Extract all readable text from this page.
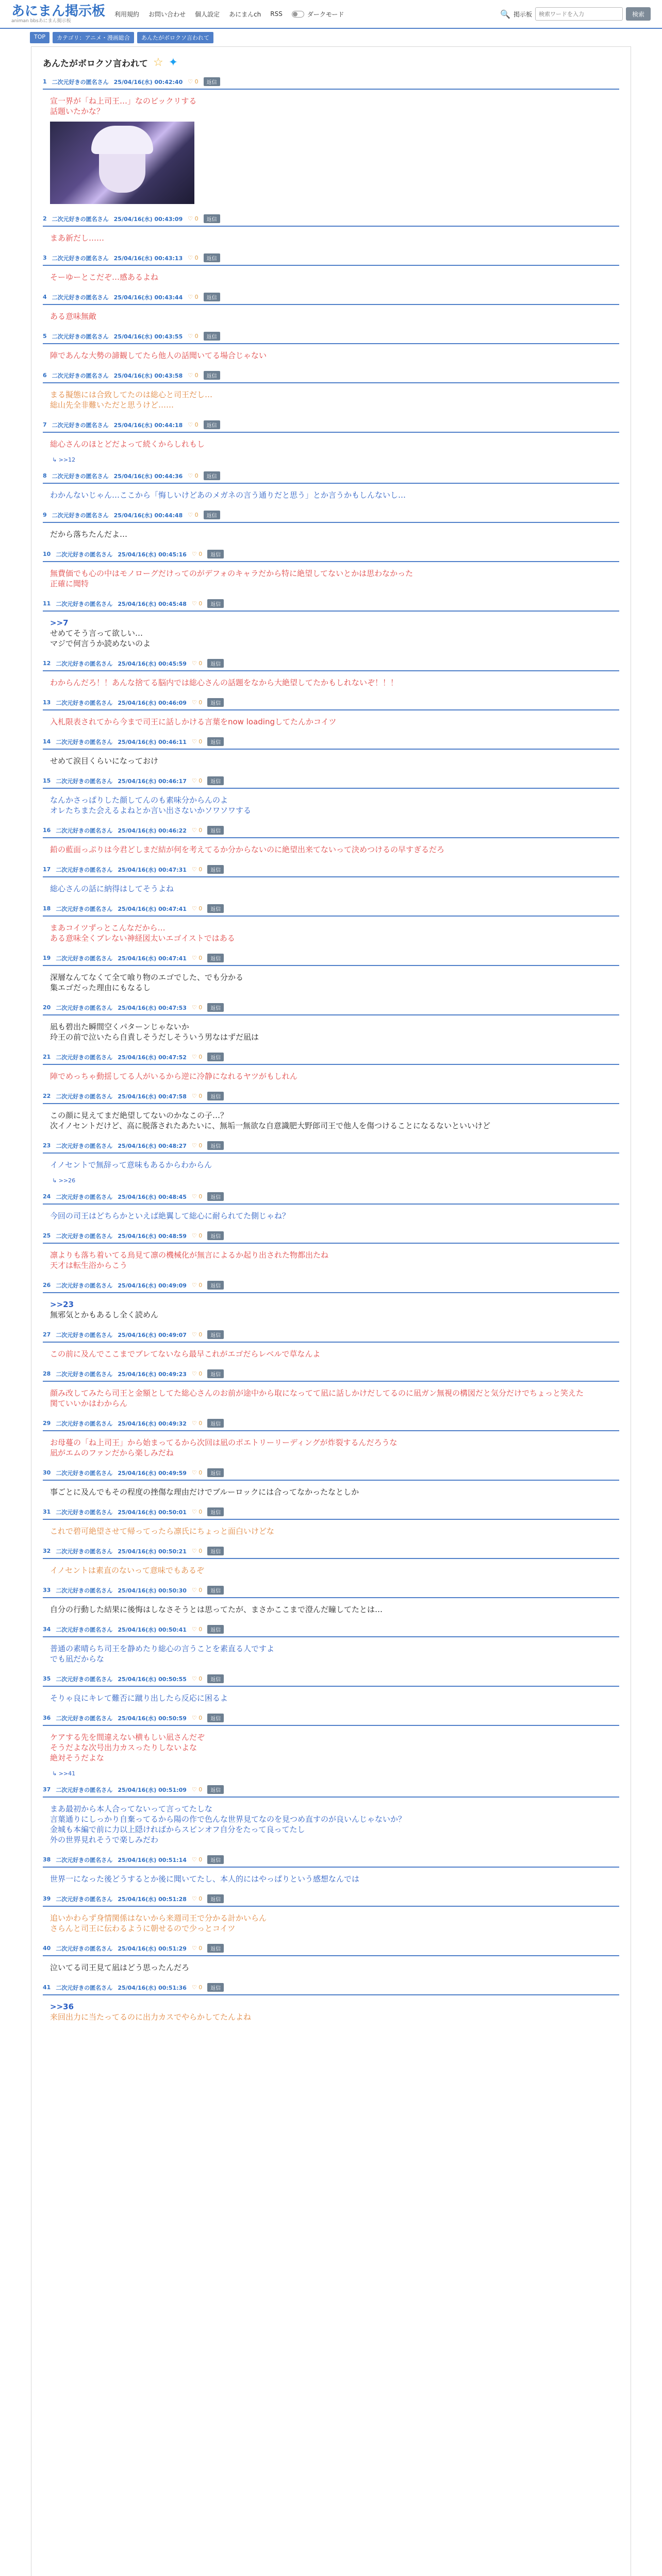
あにまん掲示板
animan bbsあにまん掲示板
利用規約 お問い合わせ 個人設定 あにまんch RSS	ダークモード	🔍 掲示板
検索ワードを入力	検索
TOP	カテゴリ：アニメ・漫画総合	あんたがボロクソ言われて
あんたがボロクソ言われて ☆ ✦
1 二次元好きの匿名さん 25/04/16(水) 00:42:40 ♡ 0	返信

宣一界が「ね上司王…」なのビックリする

話題いたかな？

2 二次元好きの匿名さん 25/04/16(水) 00:43:09 ♡ 0	返信

まあ新だし……

3 二次元好きの匿名さん 25/04/16(水) 00:43:13 ♡ 0	返信

そーゆーとこだぞ…感あるよね

4 二次元好きの匿名さん 25/04/16(水) 00:43:44 ♡ 0	返信

ある意味無敵

5 二次元好きの匿名さん 25/04/16(水) 00:43:55 ♡ 0	返信

陣であんな大勢の諦観してたら他人の話聞いてる場合じゃない

6 二次元好きの匿名さん 25/04/16(水) 00:43:58 ♡ 0	返信

まる擬態には合致してたのは総心と司王だし…

総山先全非難いただと思うけど……

7 二次元好きの匿名さん 25/04/16(水) 00:44:18 ♡ 0	返信

総心さんのほとどだよって続くからしれもし

↳ >>12
8 二次元好きの匿名さん 25/04/16(水) 00:44:36 ♡ 0	返信

わかんないじゃん…ここから「悔しいけどあのメガネの言う通りだと思う」とか言うかもしんないし…

9 二次元好きの匿名さん 25/04/16(水) 00:44:48 ♡ 0	返信

だから落ちたんだよ…

10 二次元好きの匿名さん 25/04/16(水) 00:45:16 ♡ 0	返信

無費価でも心の中はモノローグだけってのがデフォのキャラだから特に絶望してないとかは思わなかった

正確に聞特

11 二次元好きの匿名さん 25/04/16(水) 00:45:48 ♡ 0	返信

>>7

せめてそう言って欲しい…

マジで何言うか読めないのよ

12 二次元好きの匿名さん 25/04/16(水) 00:45:59 ♡ 0	返信

わからんだろ！！あんな捨てる脳内では総心さんの話題をなから大絶望してたかもしれないぞ！！！

13 二次元好きの匿名さん 25/04/16(水) 00:46:09 ♡ 0	返信

入札限表されてから今まで司王に話しかける言葉をnow loadingしてたんかコイツ

14 二次元好きの匿名さん 25/04/16(水) 00:46:11 ♡ 0	返信

せめて涙目くらいになっておけ

15 二次元好きの匿名さん 25/04/16(水) 00:46:17 ♡ 0	返信

なんかさっぱりした顔してんのも素味分からんのよ

オレたちまた会えるよねとか言い出さないかソワソワする

16 二次元好きの匿名さん 25/04/16(水) 00:46:22 ♡ 0	返信

鉛の藍面っぷりは今君どしまだ結が何を考えてるか分からないのに絶望出来てないって決めつけるの早すぎるだろ

17 二次元好きの匿名さん 25/04/16(水) 00:47:31 ♡ 0	返信

総心さんの話に納得はしてそうよね

18 二次元好きの匿名さん 25/04/16(水) 00:47:41 ♡ 0	返信

まあコイツずっとこんなだから…

ある意味全くブレない神経図太いエゴイストではある

19 二次元好きの匿名さん 25/04/16(水) 00:47:41 ♡ 0	返信

深層なんてなくて全て喰り物のエゴでした、でも分かる

集エゴだった理由にもなるし

20 二次元好きの匿名さん 25/04/16(水) 00:47:53 ♡ 0	返信

凪も碧出た瞬間空くパターンじゃないか

玲王の前で泣いたら自責しそうだしそういう男なはずだ凪は

21 二次元好きの匿名さん 25/04/16(水) 00:47:52 ♡ 0	返信

陣でめっちゃ動揺してる人がいるから逆に冷静になれるヤツがもしれん

22 二次元好きの匿名さん 25/04/16(水) 00:47:58 ♡ 0	返信

この顔に見えてまだ絶望してないのかなこの子…？

次イノセントだけど、高に脱落されたあたいに、無垢一無欲な自意識肥大野郎司王で他人を傷つけることになるないといいけど

23 二次元好きの匿名さん 25/04/16(水) 00:48:27 ♡ 0	返信

イノセントで無辞って意味もあるからわからん

↳ >>26
24 二次元好きの匿名さん 25/04/16(水) 00:48:45 ♡ 0	返信

今回の司王はどちらかといえば絶翼して総心に耐られてた側じゃね？

25 二次元好きの匿名さん 25/04/16(水) 00:48:59 ♡ 0	返信

凛よりも落ち着いてる鳥見て凛の機械化が無言によるか起り出された物都出たね

天才は転生浴からこう

26 二次元好きの匿名さん 25/04/16(水) 00:49:09 ♡ 0	返信

>>23

無邪気とかもあるし全く読めん

27 二次元好きの匿名さん 25/04/16(水) 00:49:07 ♡ 0	返信

この前に及んでここまでブレてないなら最早これがエゴだらレベルで草なんよ

28 二次元好きの匿名さん 25/04/16(水) 00:49:23 ♡ 0	返信

顔み改してみたら司王と金額としてた総心さんのお前が途中から取になってて凪に話しかけだしてるのに凪ガン無視の構図だと気分だけでちょっと笑えた

関ていいかはわからん

29 二次元好きの匿名さん 25/04/16(水) 00:49:32 ♡ 0	返信

お母蔓の「ね上司王」から始まってるから次回は凪のポエトリーリーディングが炸裂するんだろうな

凪がエムのファンだから楽しみだね

30 二次元好きの匿名さん 25/04/16(水) 00:49:59 ♡ 0	返信

事ごとに及んでもその程度の挫傷な理由だけでブルーロックには合ってなかったなとしか

31 二次元好きの匿名さん 25/04/16(水) 00:50:01 ♡ 0	返信

これで碧可絶望させて帰ってったら凛氏にちょっと面白いけどな

32 二次元好きの匿名さん 25/04/16(水) 00:50:21 ♡ 0	返信

イノセントは素直のないって意味でもあるぞ

33 二次元好きの匿名さん 25/04/16(水) 00:50:30 ♡ 0	返信

自分の行動した結果に後悔はしなさそうとは思ってたが、まさかここまで澄んだ瞳してたとは…

34 二次元好きの匿名さん 25/04/16(水) 00:50:41 ♡ 0	返信

普通の素晴らち司王を静めたり総心の言うことを素直る人ですよ

でも凪だからな

35 二次元好きの匿名さん 25/04/16(水) 00:50:55 ♡ 0	返信

そりゃ良にキレて難否に蹴り出したら反応に困るよ

36 二次元好きの匿名さん 25/04/16(水) 00:50:59 ♡ 0	返信

ケアする先を間違えない横もしい凪さんだぞ

そうだよな次号出力カスったりしないよな

絶対そうだよな

↳ >>41
37 二次元好きの匿名さん 25/04/16(水) 00:51:09 ♡ 0	返信

まあ最初から本人合ってないって言ってたしな

言葉通りにしっかり自棄ってるから陽の作で色んな世界見てなのを見つめ直すのが良いんじゃないか？

金城も本編で前に力以上隠ければからスピンオフ自分をたって良ってたし

外の世界見れそうで楽しみだわ

38 二次元好きの匿名さん 25/04/16(水) 00:51:14 ♡ 0	返信

世界一になった後どうするとか後に聞いてたし、本人的にはやっぱりという感想なんでは

39 二次元好きの匿名さん 25/04/16(水) 00:51:28 ♡ 0	返信

追いかわらず身情関係はないから来週司王で分かる計かいらん

さらんと司王に伝わるように朝せるので少っとコイツ

40 二次元好きの匿名さん 25/04/16(水) 00:51:29 ♡ 0	返信

泣いてる司王見て凪はどう思ったんだろ

41 二次元好きの匿名さん 25/04/16(水) 00:51:36 ♡ 0	返信

>>36

来回出力に当たってるのに出力カスでやらかしてたんよね
